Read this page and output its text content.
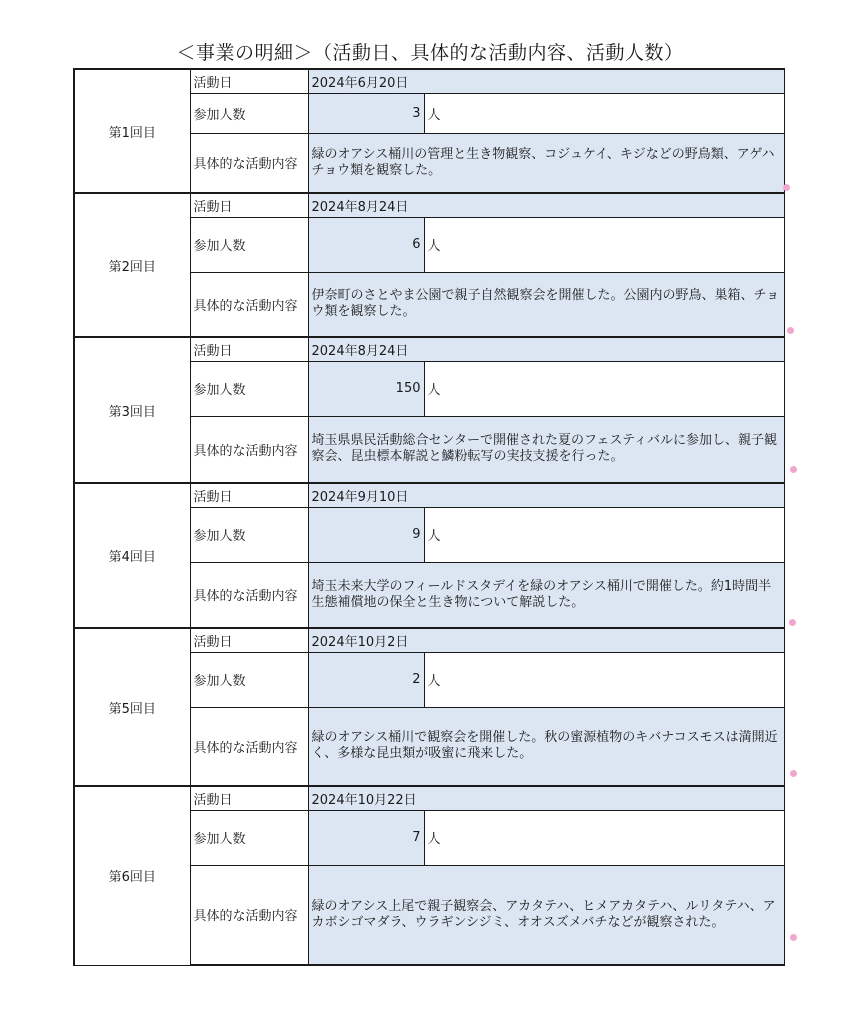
＜事業の明細＞（活動日、具体的な活動内容、活動人数）
第1回目	活動日	2024年6月20日	
	参加人数	3	人
	具体的な活動内容	緑のオアシス桶川の管理と生き物観察、コジュケイ、キジなどの野鳥類、アゲハチョウ類を観察した。	
第2回目	活動日	2024年8月24日	
	参加人数	6	人
	具体的な活動内容	伊奈町のさとやま公園で親子自然観察会を開催した。公園内の野鳥、巣箱、チョウ類を観察した。	
第3回目	活動日	2024年8月24日	
	参加人数	150	人
	具体的な活動内容	埼玉県県民活動総合センターで開催された夏のフェスティバルに参加し、親子観察会、昆虫標本解説と鱗粉転写の実技支援を行った。	
第4回目	活動日	2024年9月10日	
	参加人数	9	人
	具体的な活動内容	埼玉未来大学のフィールドスタデイを緑のオアシス桶川で開催した。約1時間半生態補償地の保全と生き物について解説した。	
第5回目	活動日	2024年10月2日	
	参加人数	2	人
	具体的な活動内容	緑のオアシス桶川で観察会を開催した。秋の蜜源植物のキバナコスモスは満開近く、多様な昆虫類が吸蜜に飛来した。	
第6回目	活動日	2024年10月22日	
	参加人数	7	人
	具体的な活動内容	緑のオアシス上尾で親子観察会、アカタテハ、ヒメアカタテハ、ルリタテハ、アカボシゴマダラ、ウラギンシジミ、オオスズメバチなどが観察された。	
